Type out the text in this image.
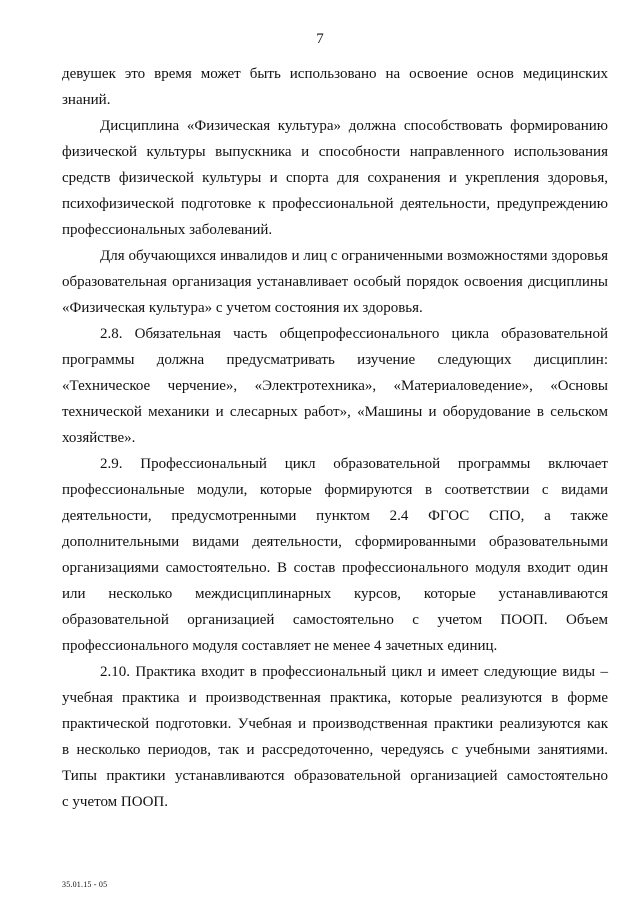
7
девушек это время может быть использовано на освоение основ медицинских
знаний.
Дисциплина «Физическая культура» должна способствовать формированию
физической культуры выпускника и способности направленного использования
средств физической культуры и спорта для сохранения и укрепления здоровья,
психофизической подготовке к профессиональной деятельности, предупреждению
профессиональных заболеваний.
Для обучающихся инвалидов и лиц с ограниченными возможностями здоровья
образовательная организация устанавливает особый порядок освоения дисциплины
«Физическая культура» с учетом состояния их здоровья.
2.8. Обязательная часть общепрофессионального цикла образовательной
программы должна предусматривать изучение следующих дисциплин:
«Техническое черчение», «Электротехника», «Материаловедение», «Основы
технической механики и слесарных работ», «Машины и оборудование в сельском
хозяйстве».
2.9. Профессиональный цикл образовательной программы включает
профессиональные модули, которые формируются в соответствии с видами
деятельности, предусмотренными пунктом 2.4 ФГОС СПО, а также
дополнительными видами деятельности, сформированными образовательными
организациями самостоятельно. В состав профессионального модуля входит один
или несколько междисциплинарных курсов, которые устанавливаются
образовательной организацией самостоятельно с учетом ПООП. Объем
профессионального модуля составляет не менее 4 зачетных единиц.
2.10. Практика входит в профессиональный цикл и имеет следующие виды –
учебная практика и производственная практика, которые реализуются в форме
практической подготовки. Учебная и производственная практики реализуются как
в несколько периодов, так и рассредоточенно, чередуясь с учебными занятиями.
Типы практики устанавливаются образовательной организацией самостоятельно
с учетом ПООП.
35.01.15 - 05
